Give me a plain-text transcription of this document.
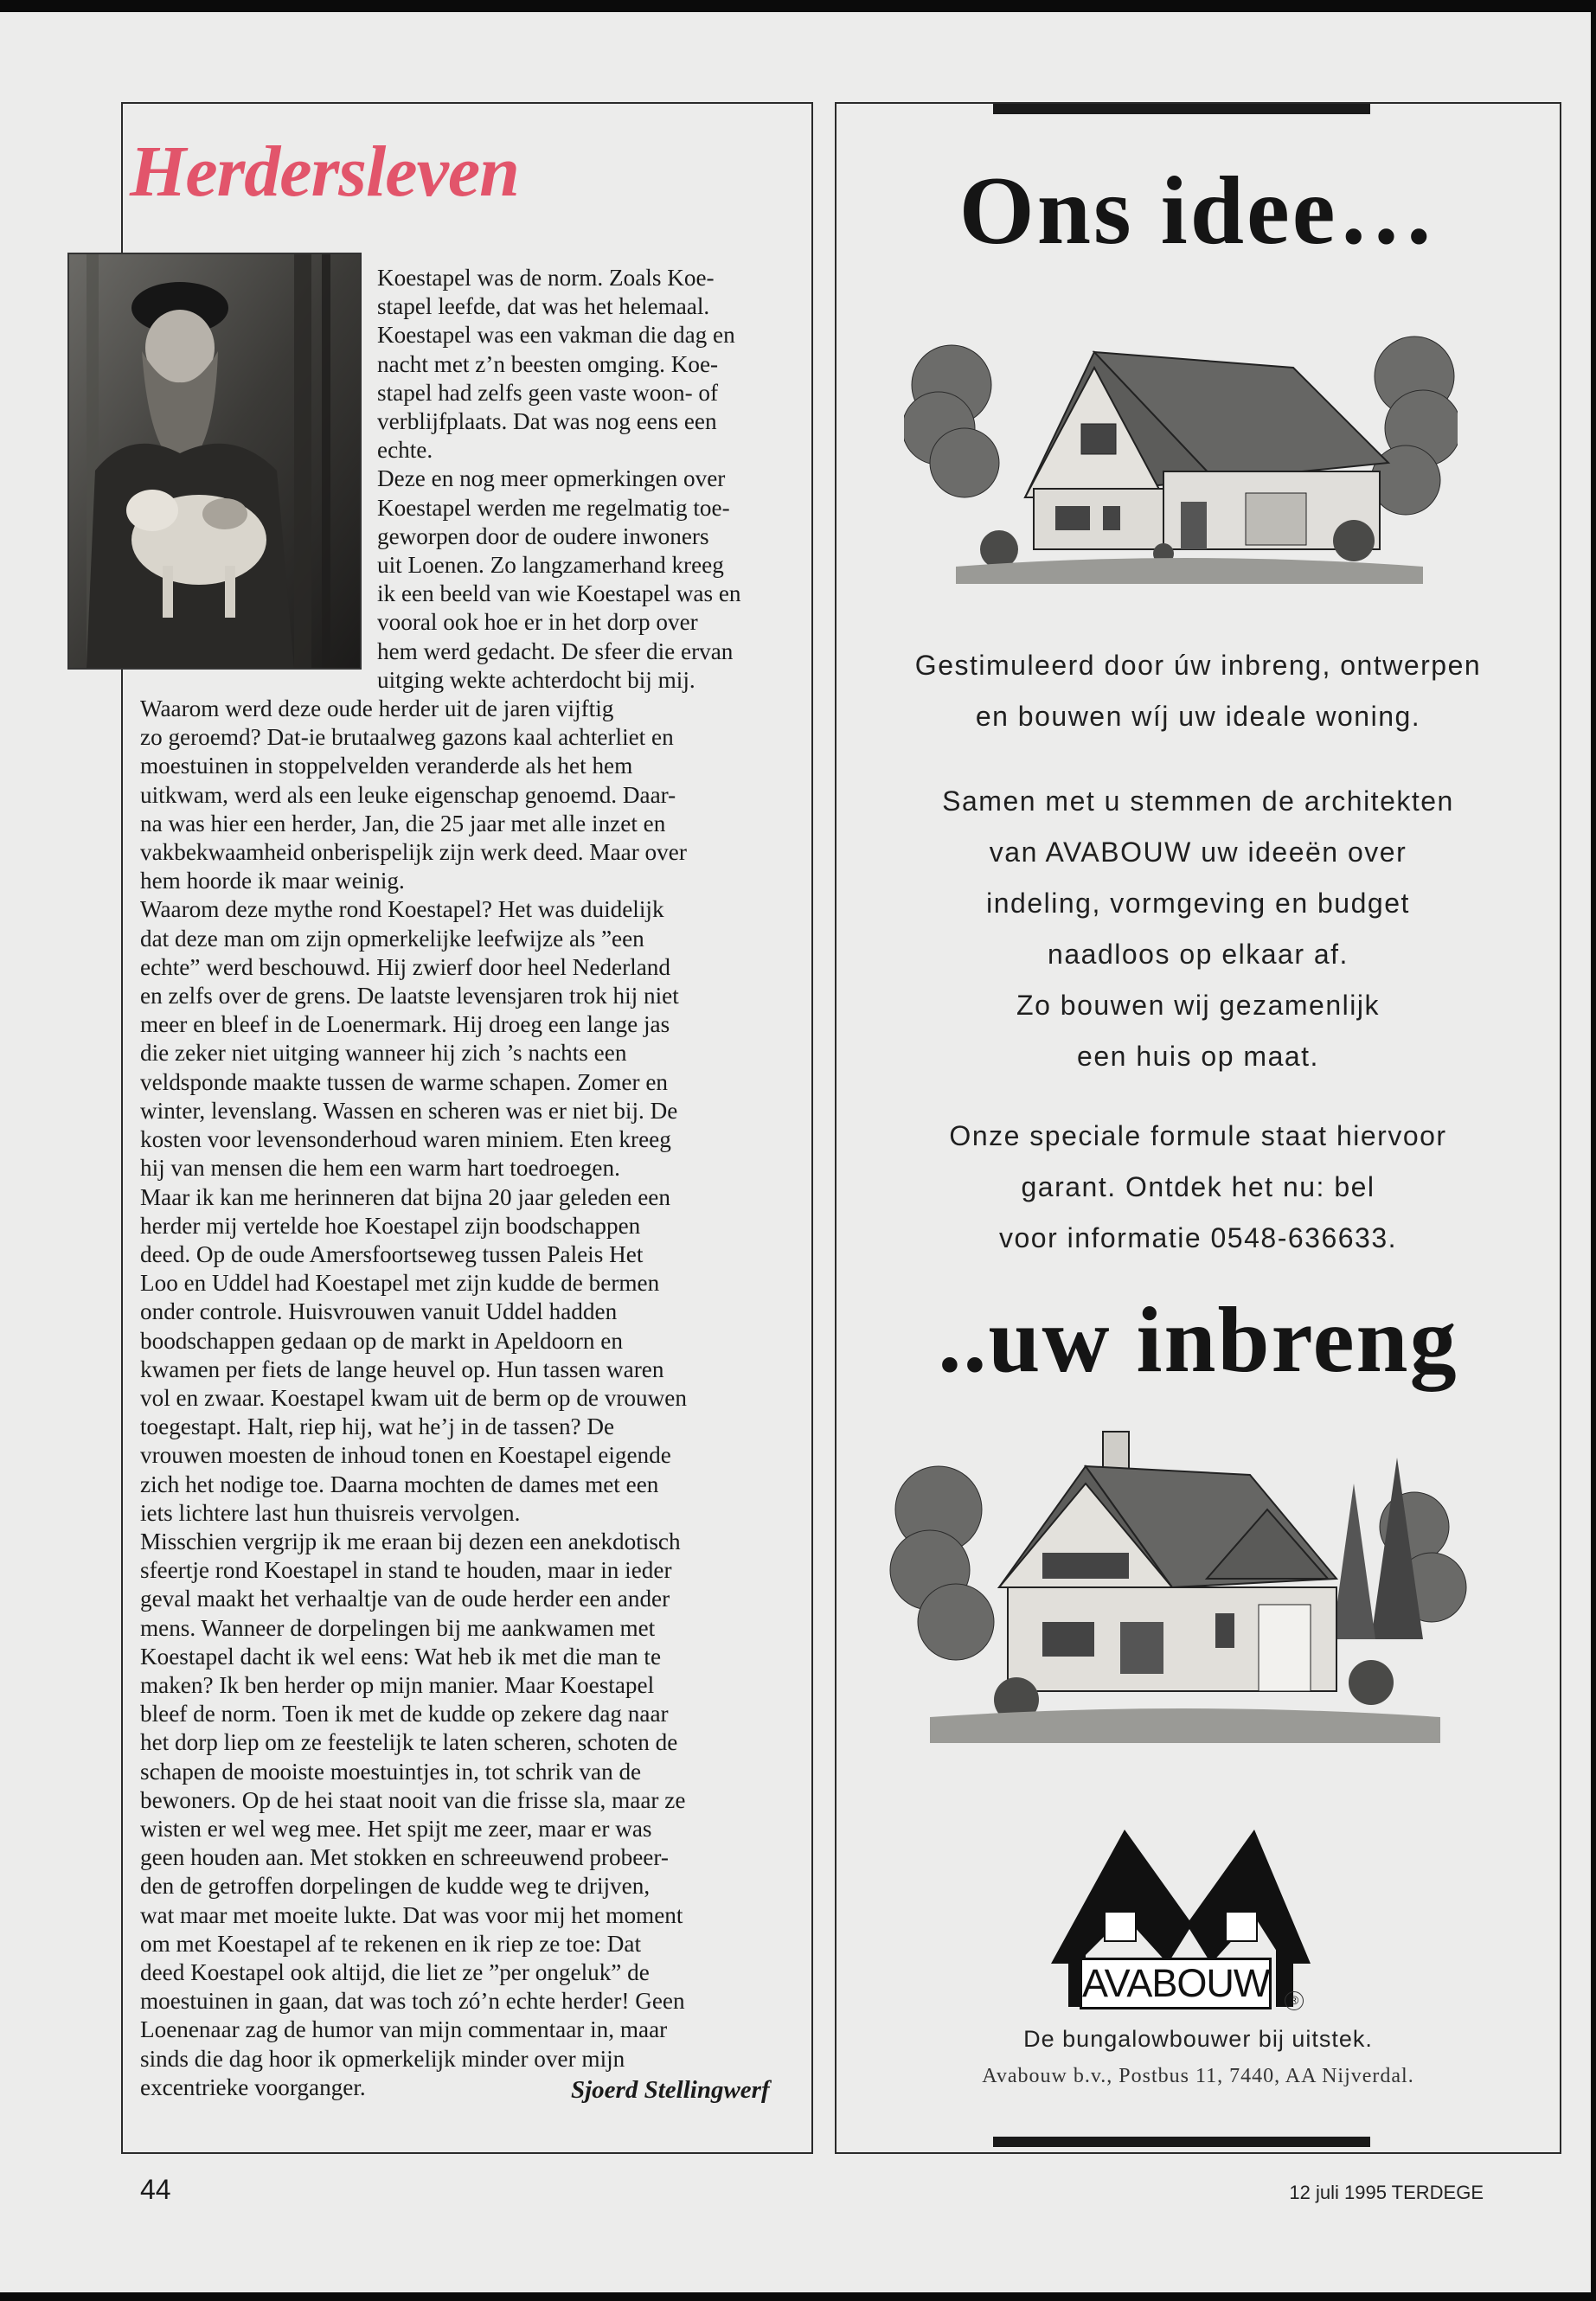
Herdersleven

Koestapel was de norm. Zoals Koe-
stapel leefde, dat was het helemaal.
Koestapel was een vakman die dag en
nacht met z’n beesten omging. Koe-
stapel had zelfs geen vaste woon- of
verblijfplaats. Dat was nog eens een
echte.

Deze en nog meer opmerkingen over
Koestapel werden me regelmatig toe-
geworpen door de oudere inwoners
uit Loenen. Zo langzamerhand kreeg
ik een beeld van wie Koestapel was en
vooral ook hoe er in het dorp over
hem werd gedacht. De sfeer die ervan
uitging wekte achterdocht bij mij.
Waarom werd deze oude herder uit de jaren vijftig
zo geroemd? Dat-ie brutaalweg gazons kaal achterliet en
moestuinen in stoppelvelden veranderde als het hem
uitkwam, werd als een leuke eigenschap genoemd. Daar-
na was hier een herder, Jan, die 25 jaar met alle inzet en
vakbekwaamheid onberispelijk zijn werk deed. Maar over
hem hoorde ik maar weinig.

Waarom deze mythe rond Koestapel? Het was duidelijk
dat deze man om zijn opmerkelijke leefwijze als ”een
echte” werd beschouwd. Hij zwierf door heel Nederland
en zelfs over de grens. De laatste levensjaren trok hij niet
meer en bleef in de Loenermark. Hij droeg een lange jas
die zeker niet uitging wanneer hij zich ’s nachts een
veldsponde maakte tussen de warme schapen. Zomer en
winter, levenslang. Wassen en scheren was er niet bij. De
kosten voor levensonderhoud waren miniem. Eten kreeg
hij van mensen die hem een warm hart toedroegen.

Maar ik kan me herinneren dat bijna 20 jaar geleden een
herder mij vertelde hoe Koestapel zijn boodschappen
deed. Op de oude Amersfoortseweg tussen Paleis Het
Loo en Uddel had Koestapel met zijn kudde de bermen
onder controle. Huisvrouwen vanuit Uddel hadden
boodschappen gedaan op de markt in Apeldoorn en
kwamen per fiets de lange heuvel op. Hun tassen waren
vol en zwaar. Koestapel kwam uit de berm op de vrouwen
toegestapt. Halt, riep hij, wat he’j in de tassen? De
vrouwen moesten de inhoud tonen en Koestapel eigende
zich het nodige toe. Daarna mochten de dames met een
iets lichtere last hun thuisreis vervolgen.

Misschien vergrijp ik me eraan bij dezen een anekdotisch
sfeertje rond Koestapel in stand te houden, maar in ieder
geval maakt het verhaaltje van de oude herder een ander
mens. Wanneer de dorpelingen bij me aankwamen met
Koestapel dacht ik wel eens: Wat heb ik met die man te
maken? Ik ben herder op mijn manier. Maar Koestapel
bleef de norm. Toen ik met de kudde op zekere dag naar
het dorp liep om ze feestelijk te laten scheren, schoten de
schapen de mooiste moestuintjes in, tot schrik van de
bewoners. Op de hei staat nooit van die frisse sla, maar ze
wisten er wel weg mee. Het spijt me zeer, maar er was
geen houden aan. Met stokken en schreeuwend probeer-
den de getroffen dorpelingen de kudde weg te drijven,
wat maar met moeite lukte. Dat was voor mij het moment
om met Koestapel af te rekenen en ik riep ze toe: Dat
deed Koestapel ook altijd, die liet ze ”per ongeluk” de
moestuinen in gaan, dat was toch zó’n echte herder! Geen
Loenenaar zag de humor van mijn commentaar in, maar
sinds die dag hoor ik opmerkelijk minder over mijn
excentrieke voorganger.	Sjoerd Stellingwerf

44

Ons idee…

Gestimuleerd door úw inbreng, ontwerpen

en bouwen wíj uw ideale woning.

Samen met u stemmen de architekten

van AVABOUW uw ideeën over

indeling, vormgeving en budget

naadloos op elkaar af.

Zo bouwen wij gezamenlijk

een huis op maat.

Onze speciale formule staat hiervoor

garant. Ontdek het nu: bel

voor informatie 0548-636633.

..uw inbreng

AVABOUW	®

De bungalowbouwer bij uitstek.

Avabouw b.v., Postbus 11, 7440, AA Nijverdal.

12 juli 1995 TERDEGE
